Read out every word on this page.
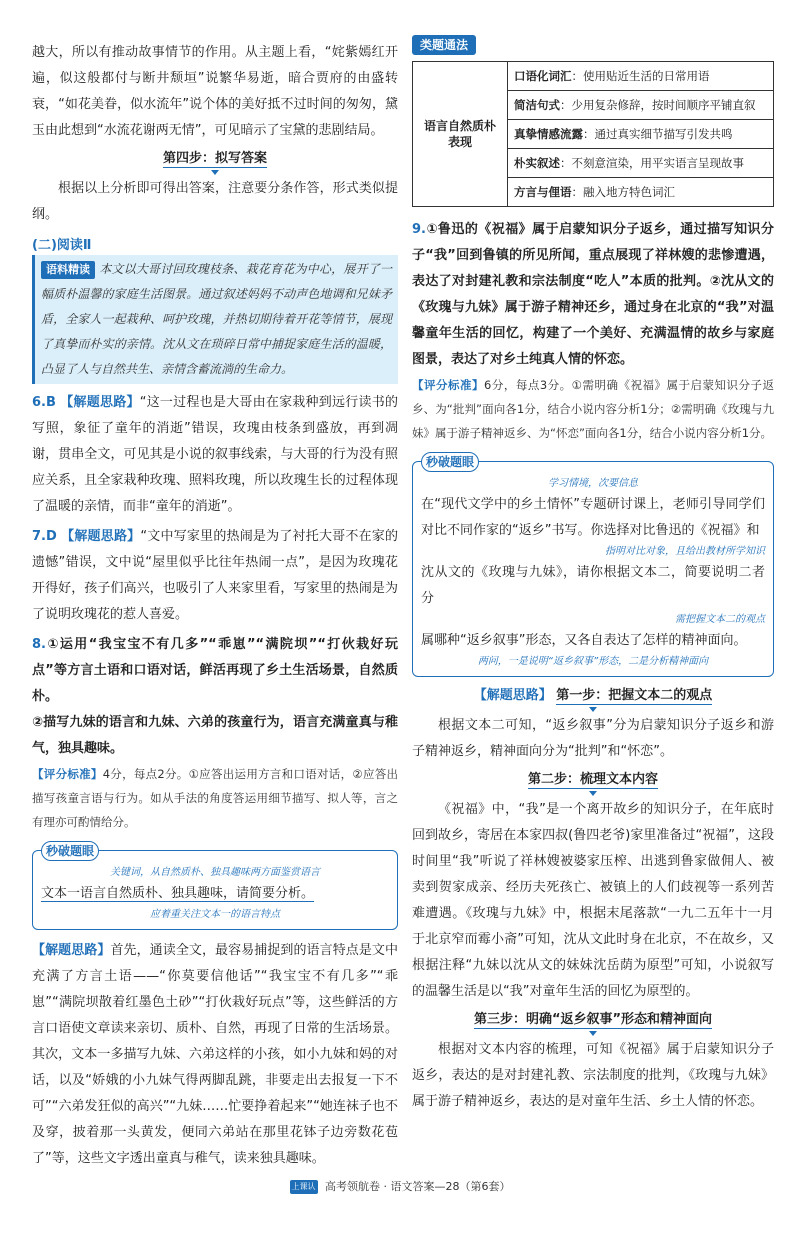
越大，所以有推动故事情节的作用。从主题上看，“姹紫嫣红开遍，似这般都付与断井颓垣”说繁华易逝，暗合贾府的由盛转衰，“如花美眷，似水流年”说个体的美好抵不过时间的匆匆，黛玉由此想到“水流花谢两无情”，可见暗示了宝黛的悲剧结局。

第四步：拟写答案

根据以上分析即可得出答案，注意要分条作答，形式类似提纲。

(二)阅读Ⅱ

语料精读 本文以大哥讨回玫瑰枝条、栽花育花为中心，展开了一幅质朴温馨的家庭生活图景。通过叙述妈妈不动声色地调和兄妹矛盾，全家人一起栽种、呵护玫瑰，并热切期待着开花等情节，展现了真挚而朴实的亲情。沈从文在琐碎日常中捕捉家庭生活的温暖，凸显了人与自然共生、亲情含蓄流淌的生命力。

6.B 【解题思路】“这一过程也是大哥由在家栽种到远行读书的写照，象征了童年的消逝”错误，玫瑰由枝条到盛放，再到凋谢，贯串全文，可见其是小说的叙事线索，与大哥的行为没有照应关系，且全家栽种玫瑰、照料玫瑰，所以玫瑰生长的过程体现了温暖的亲情，而非“童年的消逝”。

7.D 【解题思路】“文中写家里的热闹是为了衬托大哥不在家的遗憾”错误，文中说“屋里似乎比往年热闹一点”，是因为玫瑰花开得好，孩子们高兴，也吸引了人来家里看，写家里的热闹是为了说明玫瑰花的惹人喜爱。

8.①运用“我宝宝不有几多”“乖崽”“满院坝”“打伙栽好玩点”等方言土语和口语对话，鲜活再现了乡土生活场景，自然质朴。

②描写九妹的语言和九妹、六弟的孩童行为，语言充满童真与稚气，独具趣味。

【评分标准】4分，每点2分。①应答出运用方言和口语对话，②应答出描写孩童言语与行为。如从手法的角度答运用细节描写、拟人等，言之有理亦可酌情给分。

秒破题眼
关键词，从自然质朴、独具趣味两方面鉴赏语言
文本一语言自然质朴、独具趣味，请简要分析。
应着重关注文本一的语言特点

【解题思路】首先，通读全文，最容易捕捉到的语言特点是文中充满了方言土语——“你莫要信他话”“我宝宝不有几多”“乖崽”“满院坝散着红墨色土砂”“打伙栽好玩点”等，这些鲜活的方言口语使文章读来亲切、质朴、自然，再现了日常的生活场景。其次，文本一多描写九妹、六弟这样的小孩，如小九妹和妈的对话，以及“娇娥的小九妹气得两脚乱跳，非要走出去报复一下不可”“六弟发狂似的高兴”“九妹……忙要挣着起来”“她连袜子也不及穿，披着那一头黄发，便同六弟站在那里花钵子边旁数花苞了”等，这些文字透出童真与稚气，读来独具趣味。

类题通法
语言自然质朴表现	口语化词汇：使用贴近生活的日常用语
简洁句式：少用复杂修辞，按时间顺序平铺直叙
真挚情感流露：通过真实细节描写引发共鸣
朴实叙述：不刻意渲染，用平实语言呈现故事
方言与俚语：融入地方特色词汇

9.①鲁迅的《祝福》属于启蒙知识分子返乡，通过描写知识分子“我”回到鲁镇的所见所闻，重点展现了祥林嫂的悲惨遭遇，表达了对封建礼教和宗法制度“吃人”本质的批判。②沈从文的《玫瑰与九妹》属于游子精神还乡，通过身在北京的“我”对温馨童年生活的回忆，构建了一个美好、充满温情的故乡与家庭图景，表达了对乡土纯真人情的怀恋。

【评分标准】6分，每点3分。①需明确《祝福》属于启蒙知识分子返乡、为“批判”面向各1分，结合小说内容分析1分；②需明确《玫瑰与九妹》属于游子精神返乡、为“怀恋”面向各1分，结合小说内容分析1分。

秒破题眼
学习情境，次要信息
在“现代文学中的乡土情怀”专题研讨课上，老师引导同学们对比不同作家的“返乡”书写。你选择对比鲁迅的《祝福》和
指明对比对象，且给出教材所学知识
沈从文的《玫瑰与九妹》，请你根据文本二，简要说明二者分
需把握文本二的观点
属哪种“返乡叙事”形态，又各自表达了怎样的精神面向。
两问，一是说明“返乡叙事”形态，二是分析精神面向
【解题思路】 第一步：把握文本二的观点

根据文本二可知，“返乡叙事”分为启蒙知识分子返乡和游子精神返乡，精神面向分为“批判”和“怀恋”。

第二步：梳理文本内容

《祝福》中，“我”是一个离开故乡的知识分子，在年底时回到故乡，寄居在本家四叔(鲁四老爷)家里准备过“祝福”，这段时间里“我”听说了祥林嫂被婆家压榨、出逃到鲁家做佣人、被卖到贺家成亲、经历夫死孩亡、被镇上的人们歧视等一系列苦难遭遇。《玫瑰与九妹》中，根据末尾落款“一九二五年十一月于北京窄而霉小斋”可知，沈从文此时身在北京，不在故乡，又根据注释“九妹以沈从文的妹妹沈岳荫为原型”可知，小说叙写的温馨生活是以“我”对童年生活的回忆为原型的。

第三步：明确“返乡叙事”形态和精神面向

根据对文本内容的梳理，可知《祝福》属于启蒙知识分子返乡，表达的是对封建礼教、宗法制度的批判，《玫瑰与九妹》属于游子精神返乡，表达的是对童年生活、乡土人情的怀恋。

上课认真听 下课练大题 高考领航卷 · 语文答案—28（第6套）
